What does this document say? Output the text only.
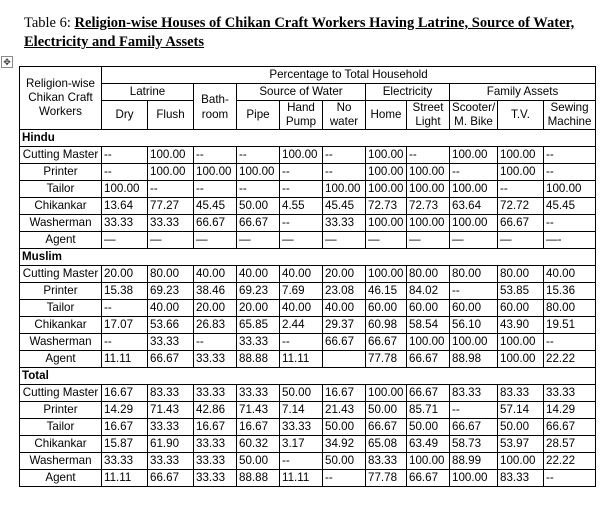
Table 6: Religion-wise Houses of Chikan Craft Workers Having Latrine, Source of Water, Electricity and Family Assets
✥
Religion-wise Chikan Craft Workers	Percentage to Total Household										
	Latrine		Bath-room	Source of Water			Electricity		Family Assets		
	Dry	Flush		Pipe	Hand Pump	No water	Home	Street Light	Scooter/ M. Bike	T.V.	Sewing Machine
Hindu											
Cutting Master	--	100.00	--	--	100.00	--	100.00	--	100.00	100.00	--
Printer	--	100.00	100.00	100.00	--	--	100.00	100.00	--	100.00	--
Tailor	100.00	--	--	--	--	100.00	100.00	100.00	100.00	--	100.00
Chikankar	13.64	77.27	45.45	50.00	4.55	45.45	72.73	72.73	63.64	72.72	45.45
Washerman	33.33	33.33	66.67	66.67	--	33.33	100.00	100.00	100.00	66.67	--
Agent	—	—	—	—	—	—	—	—	—	—	—-
Muslim											
Cutting Master	20.00	80.00	40.00	40.00	40.00	20.00	100.00	80.00	80.00	80.00	40.00
Printer	15.38	69.23	38.46	69.23	7.69	23.08	46.15	84.02	--	53.85	15.36
Tailor	--	40.00	20.00	20.00	40.00	40.00	60.00	60.00	60.00	60.00	80.00
Chikankar	17.07	53.66	26.83	65.85	2.44	29.37	60.98	58.54	56.10	43.90	19.51
Washerman	--	33.33	--	33.33	--	66.67	66.67	100.00	100.00	100.00	--
Agent	11.11	66.67	33.33	88.88	11.11		77.78	66.67	88.98	100.00	22.22
Total											
Cutting Master	16.67	83.33	33.33	33.33	50.00	16.67	100.00	66.67	83.33	83.33	33.33
Printer	14.29	71.43	42.86	71.43	7.14	21.43	50.00	85.71	--	57.14	14.29
Tailor	16.67	33.33	16.67	16.67	33.33	50.00	66.67	50.00	66.67	50.00	66.67
Chikankar	15.87	61.90	33.33	60.32	3.17	34.92	65.08	63.49	58.73	53.97	28.57
Washerman	33.33	33.33	33.33	50.00	--	50.00	83.33	100.00	88.99	100.00	22.22
Agent	11.11	66.67	33.33	88.88	11.11	--	77.78	66.67	100.00	83.33	--
